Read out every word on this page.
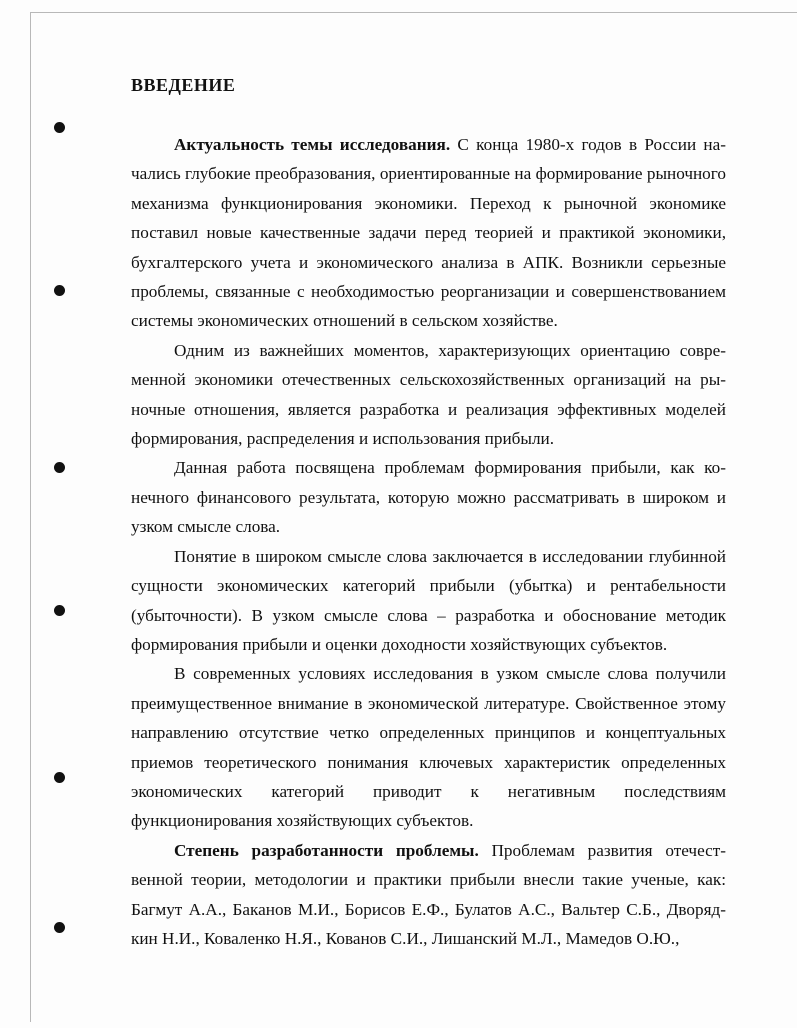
ВВЕДЕНИЕ

Актуальность темы исследования. С конца 1980-х годов в России начались глубокие преобразования, ориентированные на формирование рыночного механизма функционирования экономики. Переход к рыночной экономике поставил новые качественные задачи перед теорией и практикой экономики, бухгалтерского учета и экономического анализа в АПК. Возникли серьезные проблемы, связанные с необходимостью реорганизации и совершенствованием системы экономических отношений в сельском хозяйстве.

Одним из важнейших моментов, характеризующих ориентацию современной экономики отечественных сельскохозяйственных организаций на рыночные отношения, является разработка и реализация эффективных моделей формирования, распределения и использования прибыли.

Данная работа посвящена проблемам формирования прибыли, как конечного финансового результата, которую можно рассматривать в широком и узком смысле слова.

Понятие в широком смысле слова заключается в исследовании глубинной сущности экономических категорий прибыли (убытка) и рентабельности (убыточности). В узком смысле слова – разработка и обоснование методик формирования прибыли и оценки доходности хозяйствующих субъектов.

В современных условиях исследования в узком смысле слова получили преимущественное внимание в экономической литературе. Свойственное этому направлению отсутствие четко определенных принципов и концептуальных приемов теоретического понимания ключевых характеристик определенных экономических категорий приводит к негативным последствиям функционирования хозяйствующих субъектов.

Степень разработанности проблемы. Проблемам развития отечественной теории, методологии и практики прибыли внесли такие ученые, как: Багмут А.А., Баканов М.И., Борисов Е.Ф., Булатов А.С., Вальтер С.Б., Дворядкин Н.И., Коваленко Н.Я., Кованов С.И., Лишанский М.Л., Мамедов О.Ю.,
